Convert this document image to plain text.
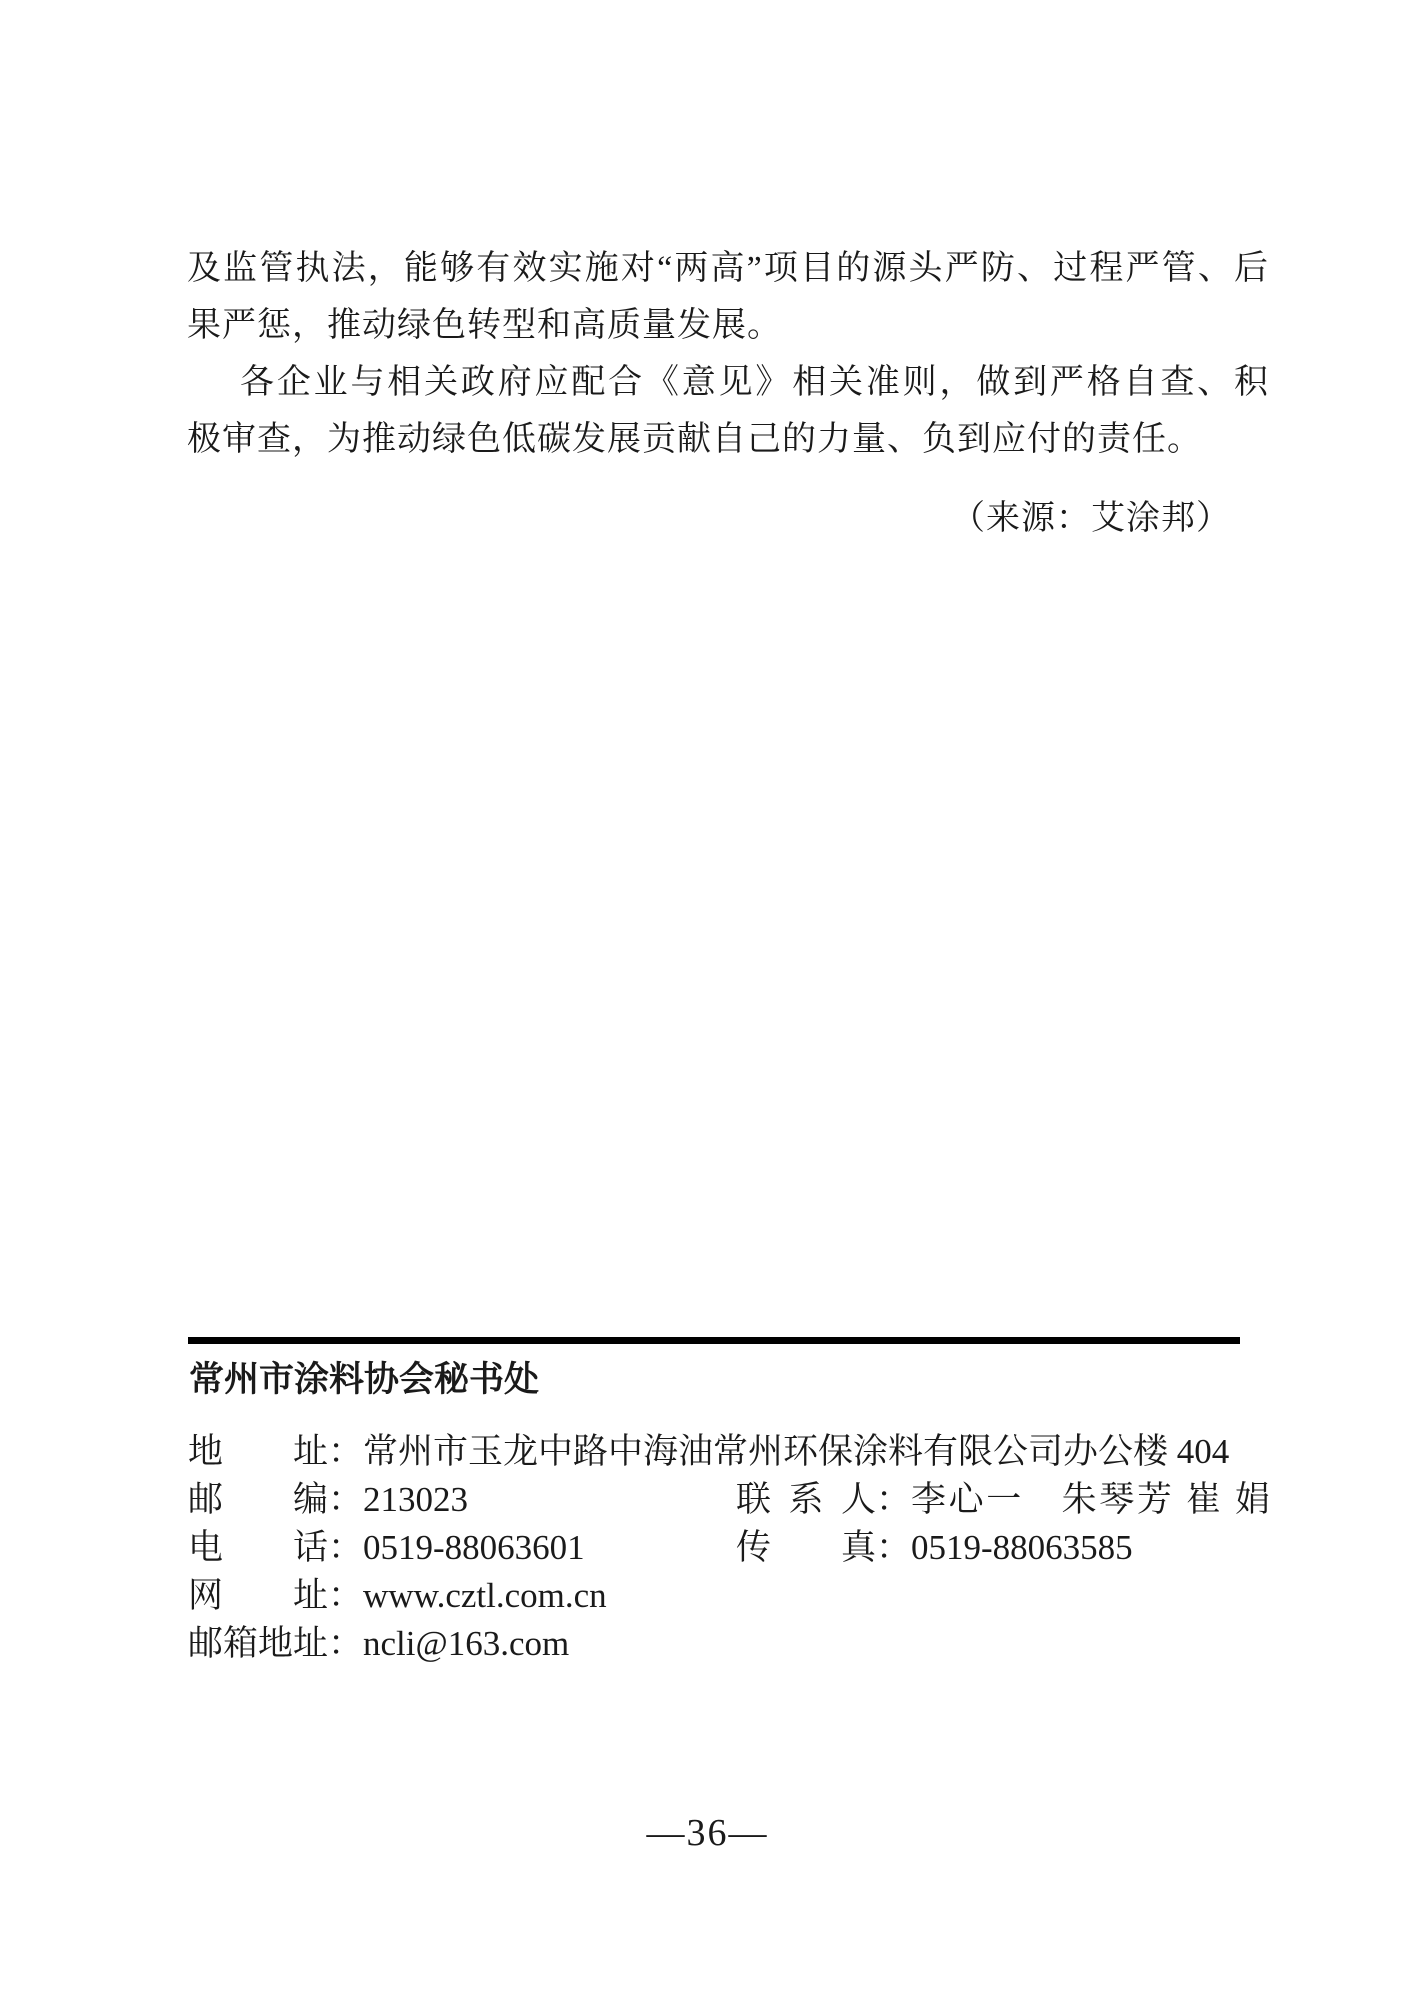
及监管执法，能够有效实施对“两高”项目的源头严防、过程严管、后
果严惩，推动绿色转型和高质量发展。
各企业与相关政府应配合《意见》相关准则，做到严格自查、积
极审查，为推动绿色低碳发展贡献自己的力量、负到应付的责任。
（来源：艾涂邦）
常州市涂料协会秘书处
地址 ： 常州市玉龙中路中海油常州环保涂料有限公司办公楼 404
邮编 ： 213023	联系人 ： 李心一　朱琴芳 崔 娟
电话 ： 0519-88063601	传真 ： 0519-88063585
网址 ： www.cztl.com.cn
邮箱地址 ： ncli@163.com
—36—
